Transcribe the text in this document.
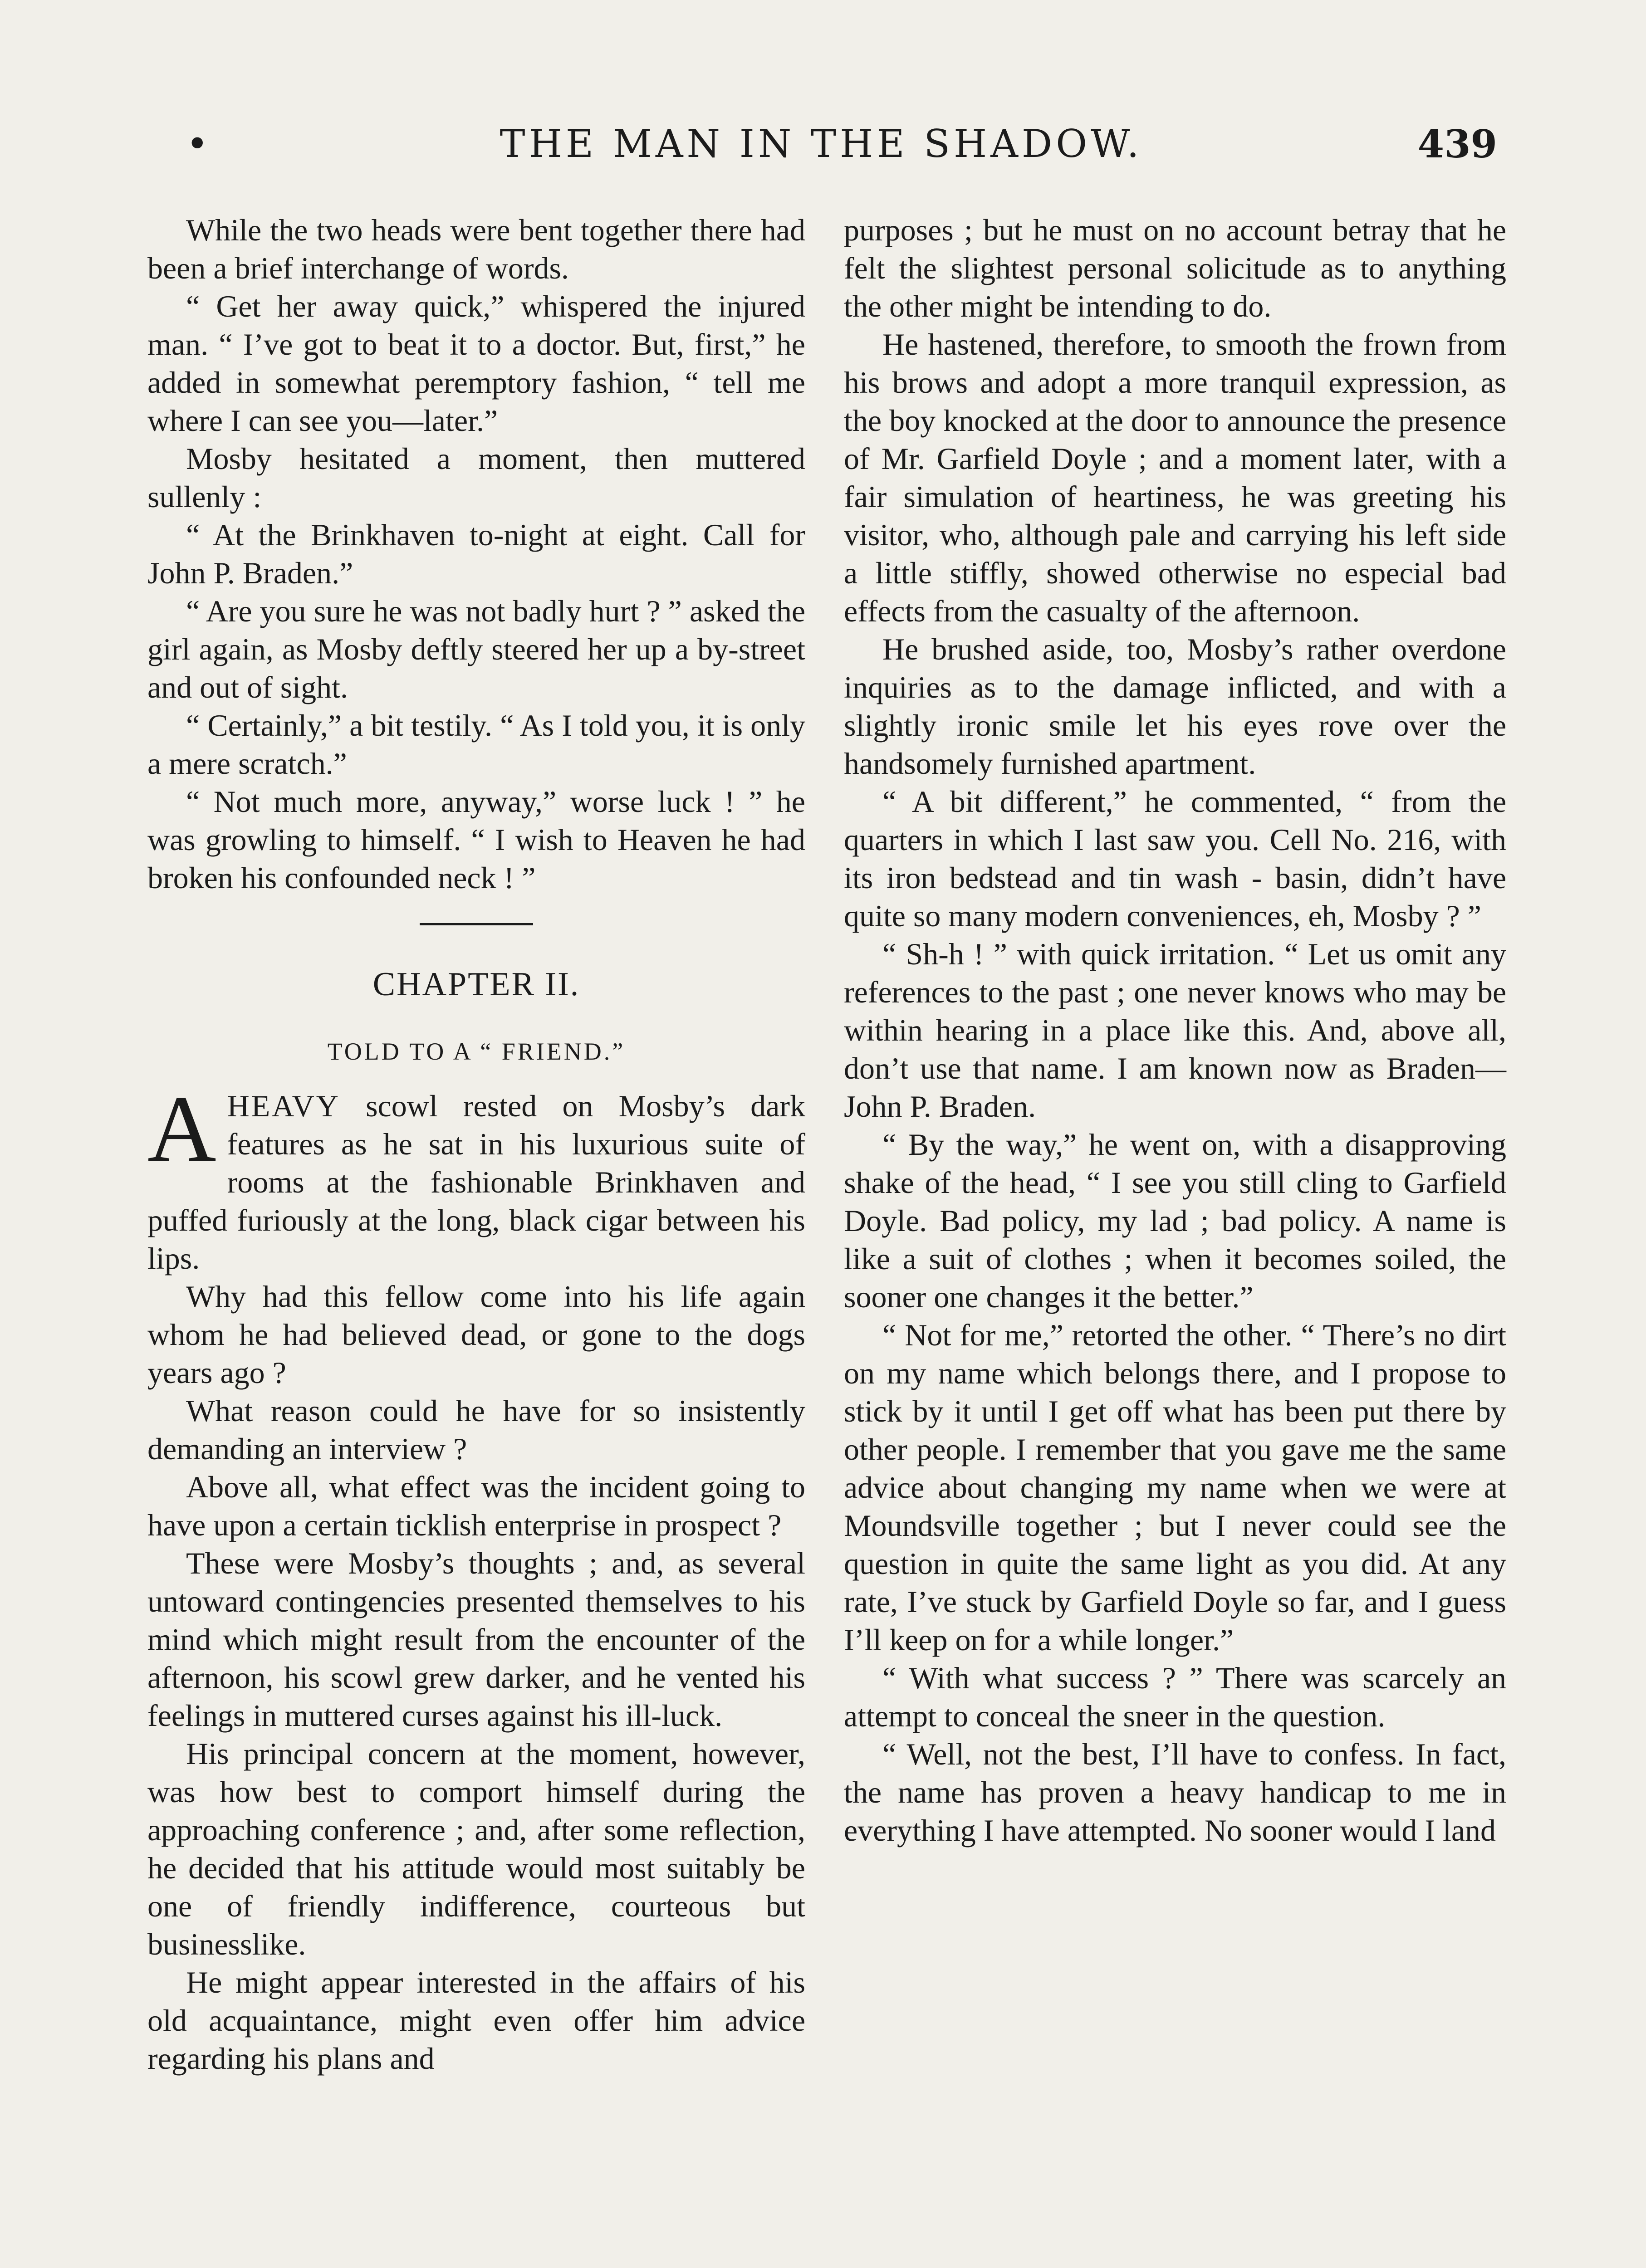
•	THE MAN IN THE SHADOW.	439

While the two heads were bent together there had been a brief interchange of words.

“ Get her away quick,” whispered the injured man. “ I’ve got to beat it to a doctor. But, first,” he added in somewhat peremptory fashion, “ tell me where I can see you—later.”

Mosby hesitated a moment, then muttered sullenly :

“ At the Brinkhaven to-night at eight. Call for John P. Braden.”

“ Are you sure he was not badly hurt ? ” asked the girl again, as Mosby deftly steered her up a by-street and out of sight.

“ Certainly,” a bit testily. “ As I told you, it is only a mere scratch.”

“ Not much more, anyway,” worse luck ! ” he was growling to himself. “ I wish to Heaven he had broken his confounded neck ! ”

CHAPTER II.
TOLD TO A “ FRIEND.”

AHEAVY scowl rested on Mosby’s dark features as he sat in his luxurious suite of rooms at the fashionable Brinkhaven and puffed furiously at the long, black cigar between his lips.

Why had this fellow come into his life again whom he had believed dead, or gone to the dogs years ago ?

What reason could he have for so insistently demanding an interview ?

Above all, what effect was the incident going to have upon a certain ticklish enterprise in prospect ?

These were Mosby’s thoughts ; and, as several untoward contingencies presented themselves to his mind which might result from the encounter of the afternoon, his scowl grew darker, and he vented his feelings in muttered curses against his ill-luck.

His principal concern at the moment, however, was how best to comport himself during the approaching conference ; and, after some reflection, he decided that his attitude would most suitably be one of friendly indifference, courteous but businesslike.

He might appear interested in the affairs of his old acquaintance, might even offer him advice regarding his plans and

purposes ; but he must on no account betray that he felt the slightest personal solicitude as to anything the other might be intending to do.

He hastened, therefore, to smooth the frown from his brows and adopt a more tranquil expression, as the boy knocked at the door to announce the presence of Mr. Garfield Doyle ; and a moment later, with a fair simulation of heartiness, he was greeting his visitor, who, although pale and carrying his left side a little stiffly, showed otherwise no especial bad effects from the casualty of the afternoon.

He brushed aside, too, Mosby’s rather overdone inquiries as to the damage inflicted, and with a slightly ironic smile let his eyes rove over the handsomely furnished apartment.

“ A bit different,” he commented, “ from the quarters in which I last saw you. Cell No. 216, with its iron bedstead and tin wash - basin, didn’t have quite so many modern conveniences, eh, Mosby ? ”

“ Sh-h ! ” with quick irritation. “ Let us omit any references to the past ; one never knows who may be within hearing in a place like this. And, above all, don’t use that name. I am known now as Braden—John P. Braden.

“ By the way,” he went on, with a disapproving shake of the head, “ I see you still cling to Garfield Doyle. Bad policy, my lad ; bad policy. A name is like a suit of clothes ; when it becomes soiled, the sooner one changes it the better.”

“ Not for me,” retorted the other. “ There’s no dirt on my name which belongs there, and I propose to stick by it until I get off what has been put there by other people. I remember that you gave me the same advice about changing my name when we were at Moundsville together ; but I never could see the question in quite the same light as you did. At any rate, I’ve stuck by Garfield Doyle so far, and I guess I’ll keep on for a while longer.”

“ With what success ? ” There was scarcely an attempt to conceal the sneer in the question.

“ Well, not the best, I’ll have to confess. In fact, the name has proven a heavy handicap to me in everything I have attempted. No sooner would I land
